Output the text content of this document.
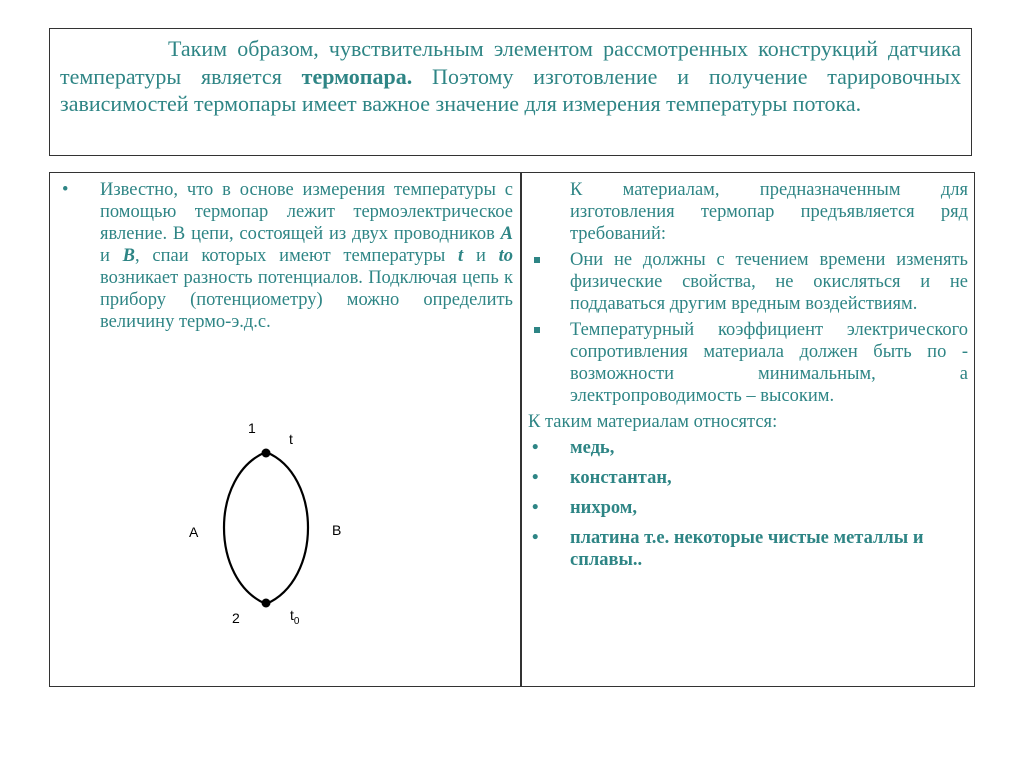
Таким образом, чувствительным элементом рассмотренных конструкций датчика температуры является термопара. Поэтому изготовление и получение тарировочных зависимостей термопары имеет важное значение для измерения температуры потока.

• Известно, что в основе измерения температуры с помощью термопар лежит термоэлектрическое явление. В цепи, состоящей из двух проводников A и B, спаи которых имеют температуры t и to возникает разность потенциалов. Подключая цепь к прибору (потенциометру) можно определить величину термо-э.д.с.
К материалам, предназначенным для изготовления термопар предъявляется ряд требований:
Они не должны с течением времени изменять физические свойства, не окисляться и не поддаваться другим вредным воздействиям.
Температурный коэффициент электрического сопротивления материала должен быть по - возможности минимальным, а электропроводимость – высоким.
К таким материалам относятся:
• медь,
• константан,
• нихром,
• платина т.е. некоторые чистые металлы и сплавы..
1
t
A	B
2	$t_0$
